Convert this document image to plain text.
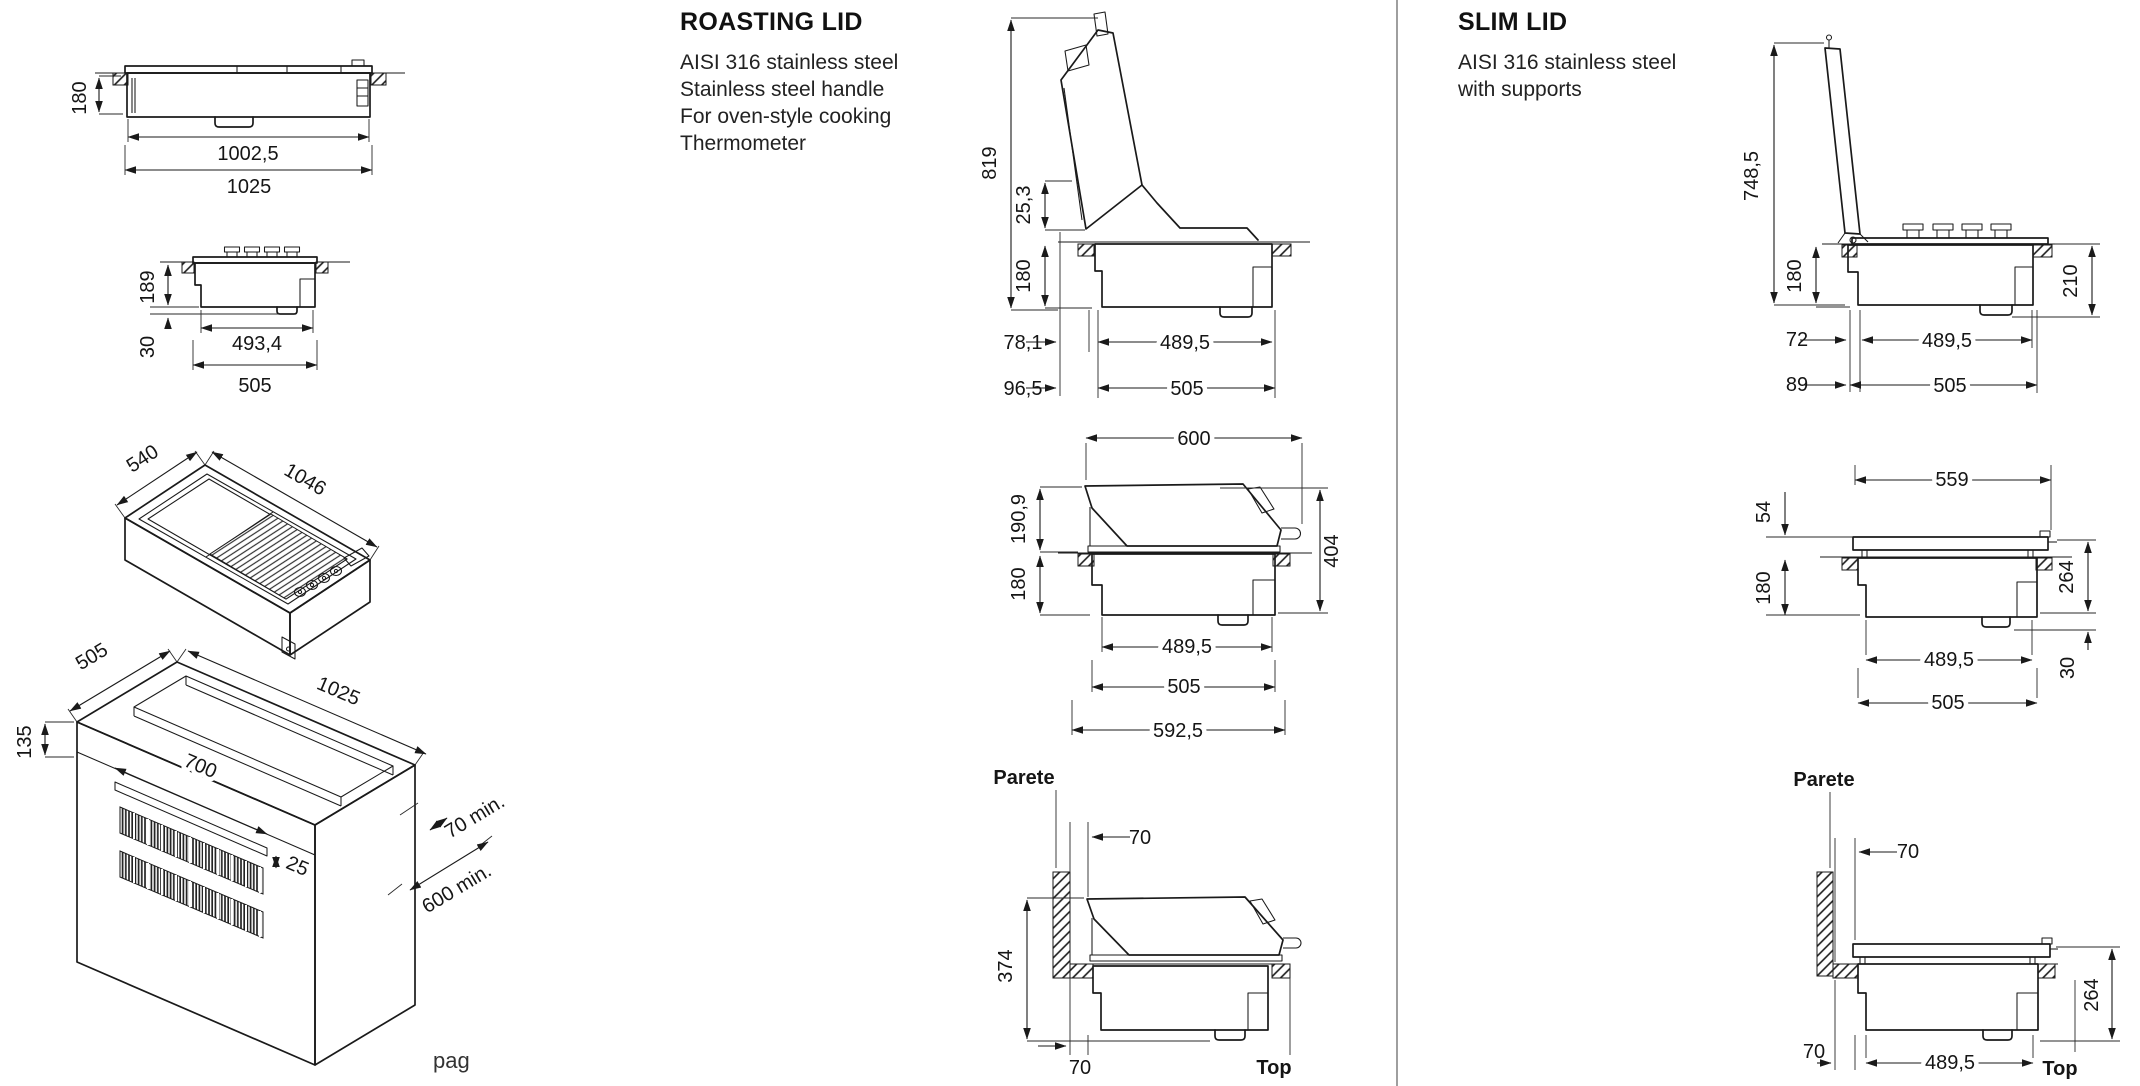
180
1002,5
1025
189
30	493,4
505
540
1046
700
25
505
1025
135
70 min.
600 min.
819
25,3
180
78,1	489,5
96,5	505
600
190,9
180
404
489,5
505
592,5
Parete
70
374
70	Top
748,5
180
72	489,5
89	505
210
559
54
180	264
30
489,5
505
Parete
70
70	489,5
264
Top
ROASTING LID
AISI 316 stainless steel
Stainless steel handle
For oven-style cooking
Thermometer
SLIM LID
AISI 316 stainless steel
with supports
pag
